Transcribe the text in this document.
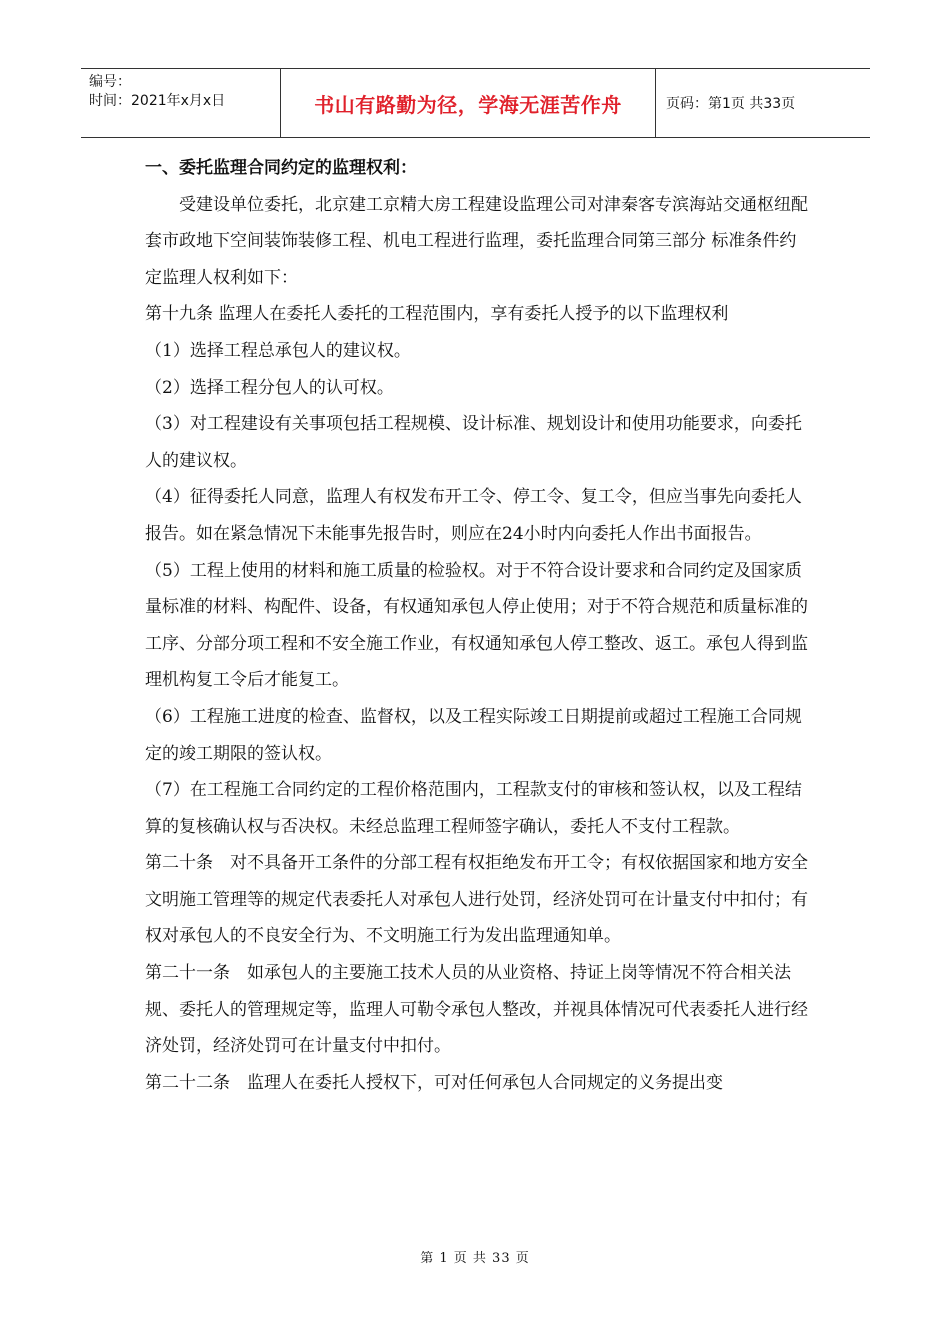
编号：
时间：2021年x月x日	书山有路勤为径，学海无涯苦作舟	页码：第1页 共33页

一、委托监理合同约定的监理权利：

受建设单位委托，北京建工京精大房工程建设监理公司对津秦客专滨海站交通枢纽配套市政地下空间装饰装修工程、机电工程进行监理，委托监理合同第三部分 标准条件约定监理人权利如下：

第十九条 监理人在委托人委托的工程范围内，享有委托人授予的以下监理权利

（1）选择工程总承包人的建议权。

（2）选择工程分包人的认可权。

（3）对工程建设有关事项包括工程规模、设计标准、规划设计和使用功能要求，向委托人的建议权。

（4）征得委托人同意，监理人有权发布开工令、停工令、复工令，但应当事先向委托人报告。如在紧急情况下未能事先报告时，则应在24小时内向委托人作出书面报告。

（5）工程上使用的材料和施工质量的检验权。对于不符合设计要求和合同约定及国家质量标准的材料、构配件、设备，有权通知承包人停止使用；对于不符合规范和质量标准的工序、分部分项工程和不安全施工作业，有权通知承包人停工整改、返工。承包人得到监理机构复工令后才能复工。

（6）工程施工进度的检查、监督权，以及工程实际竣工日期提前或超过工程施工合同规定的竣工期限的签认权。

（7）在工程施工合同约定的工程价格范围内，工程款支付的审核和签认权，以及工程结算的复核确认权与否决权。未经总监理工程师签字确认，委托人不支付工程款。

第二十条　对不具备开工条件的分部工程有权拒绝发布开工令；有权依据国家和地方安全文明施工管理等的规定代表委托人对承包人进行处罚，经济处罚可在计量支付中扣付；有权对承包人的不良安全行为、不文明施工行为发出监理通知单。

第二十一条　如承包人的主要施工技术人员的从业资格、持证上岗等情况不符合相关法规、委托人的管理规定等，监理人可勒令承包人整改，并视具体情况可代表委托人进行经济处罚，经济处罚可在计量支付中扣付。

第二十二条　监理人在委托人授权下，可对任何承包人合同规定的义务提出变

第 1 页 共 33 页
